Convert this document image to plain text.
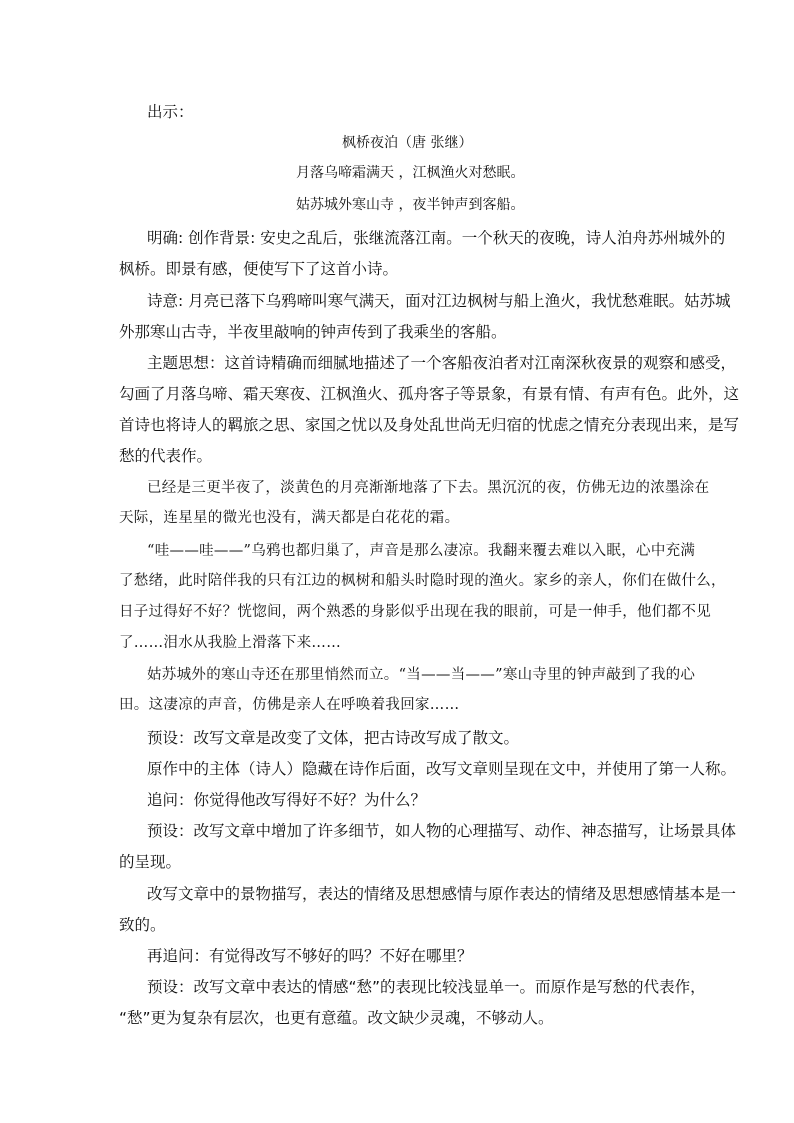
出示：
枫桥夜泊（唐 张继）
月落乌啼霜满天 ，江枫渔火对愁眠。
姑苏城外寒山寺 ，夜半钟声到客船。
明确: 创作背景: 安史之乱后，张继流落江南。一个秋天的夜晚，诗人泊舟苏州城外的
枫桥。即景有感，便使写下了这首小诗。
诗意: 月亮已落下乌鸦啼叫寒气满天，面对江边枫树与船上渔火，我忧愁难眠。姑苏城
外那寒山古寺，半夜里敲响的钟声传到了我乘坐的客船。
主题思想：这首诗精确而细腻地描述了一个客船夜泊者对江南深秋夜景的观察和感受，
勾画了月落乌啼、霜天寒夜、江枫渔火、孤舟客子等景象，有景有情、有声有色。此外，这
首诗也将诗人的羁旅之思、家国之忧以及身处乱世尚无归宿的忧虑之情充分表现出来，是写
愁的代表作。
已经是三更半夜了，淡黄色的月亮渐渐地落了下去。黑沉沉的夜，仿佛无边的浓墨涂在
天际，连星星的微光也没有，满天都是白花花的霜。
“哇——哇——”乌鸦也都归巢了，声音是那么凄凉。我翻来覆去难以入眠，心中充满
了愁绪，此时陪伴我的只有江边的枫树和船头时隐时现的渔火。家乡的亲人，你们在做什么，
日子过得好不好？恍惚间，两个熟悉的身影似乎出现在我的眼前，可是一伸手，他们都不见
了……泪水从我脸上滑落下来……
姑苏城外的寒山寺还在那里悄然而立。“当——当——”寒山寺里的钟声敲到了我的心
田。这凄凉的声音，仿佛是亲人在呼唤着我回家……
预设：改写文章是改变了文体，把古诗改写成了散文。
原作中的主体（诗人）隐藏在诗作后面，改写文章则呈现在文中，并使用了第一人称。
追问：你觉得他改写得好不好？为什么？
预设：改写文章中增加了许多细节，如人物的心理描写、动作、神态描写，让场景具体
的呈现。
改写文章中的景物描写，表达的情绪及思想感情与原作表达的情绪及思想感情基本是一
致的。
再追问：有觉得改写不够好的吗？不好在哪里？
预设：改写文章中表达的情感“愁”的表现比较浅显单一。而原作是写愁的代表作，
“愁”更为复杂有层次，也更有意蕴。改文缺少灵魂，不够动人。
